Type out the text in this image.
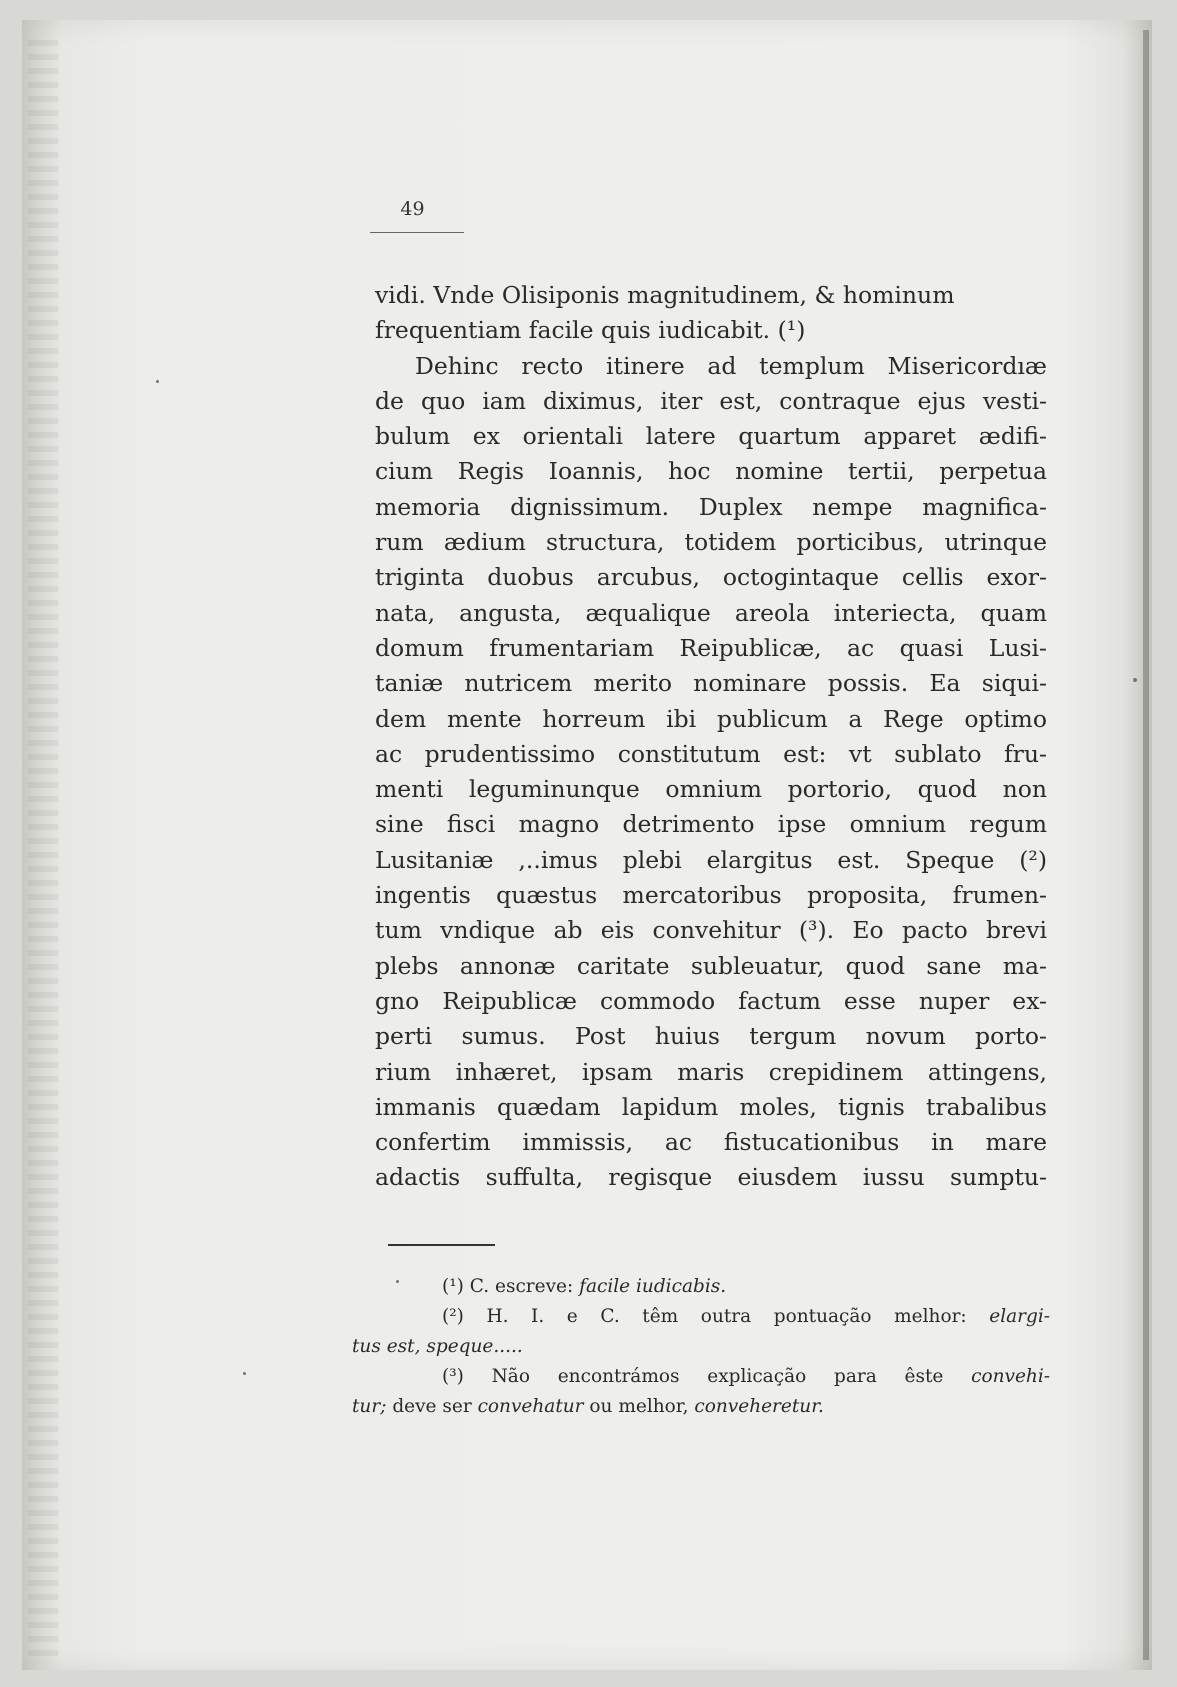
49
vidi. Vnde Olisiponis magnitudinem, & hominum
frequentiam facile quis iudicabit. (¹)
Dehinc recto itinere ad templum Misericordıæ
de quo iam diximus, iter est, contraque ejus vesti-
bulum ex orientali latere quartum apparet ædifi-
cium Regis Ioannis, hoc nomine tertii, perpetua
memoria dignissimum. Duplex nempe magnifica-
rum ædium structura, totidem porticibus, utrinque
triginta duobus arcubus, octogintaque cellis exor-
nata, angusta, æqualique areola interiecta, quam
domum frumentariam Reipublicæ, ac quasi Lusi-
taniæ nutricem merito nominare possis. Ea siqui-
dem mente horreum ibi publicum a Rege optimo
ac prudentissimo constitutum est: vt sublato fru-
menti leguminunque omnium portorio, quod non
sine fisci magno detrimento ipse omnium regum
Lusitaniæ ,..imus plebi elargitus est. Speque (²)
ingentis quæstus mercatoribus proposita, frumen-
tum vndique ab eis convehitur (³). Eo pacto brevi
plebs annonæ caritate subleuatur, quod sane ma-
gno Reipublicæ commodo factum esse nuper ex-
perti sumus. Post huius tergum novum porto-
rium inhæret, ipsam maris crepidinem attingens,
immanis quædam lapidum moles, tignis trabalibus
confertim immissis, ac fistucationibus in mare
adactis suffulta, regisque eiusdem iussu sumptu-
(¹) C. escreve: facile iudicabis.
(²) H. I. e C. têm outra pontuação melhor: elargi-
tus est, speque.....
(³) Não encontrámos explicação para êste convehi-
tur; deve ser convehatur ou melhor, conveheretur.
